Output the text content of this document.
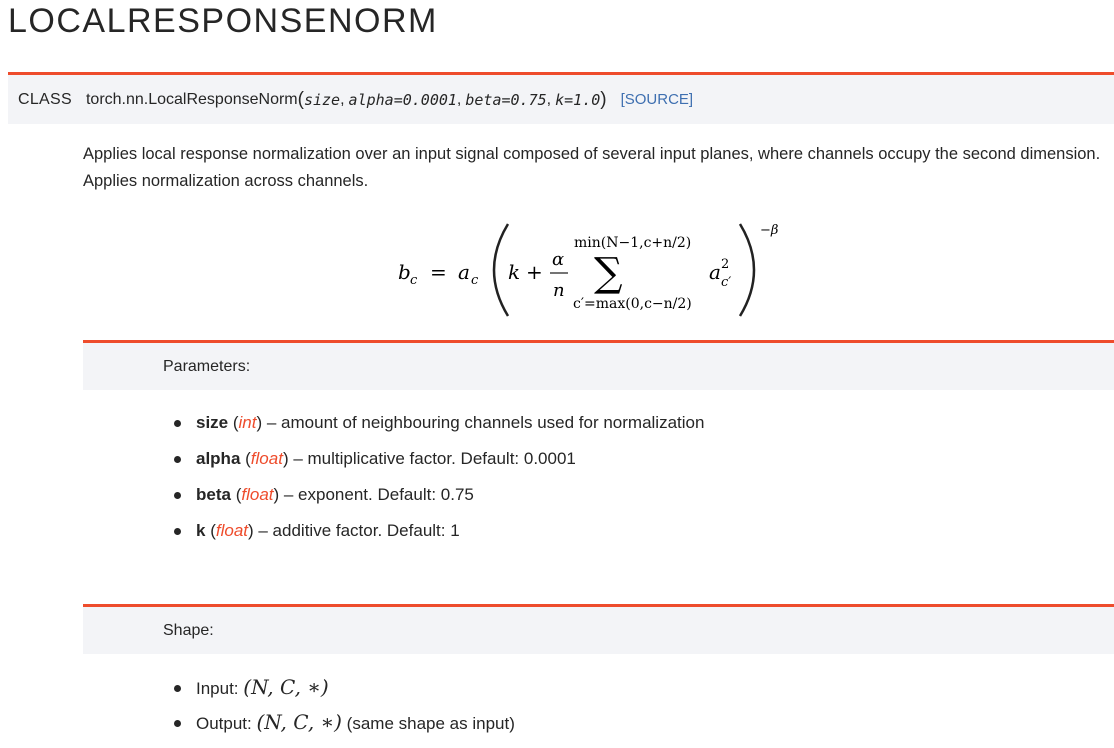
LOCALRESPONSENORM
CLASS torch.nn.LocalResponseNorm ( size , alpha=0.0001 , beta=0.75 , k=1.0 ) [SOURCE]

Applies local response normalization over an input signal composed of several input planes, where channels occupy the second dimension. Applies normalization across channels.

b c = a c k +
α
n
min(N−1,c+n/2)
∑
c′=max(0,c−n/2)
a 2
c′
−β
Parameters:
size (int) – amount of neighbouring channels used for normalization
alpha (float) – multiplicative factor. Default: 0.0001
beta (float) – exponent. Default: 0.75
k (float) – additive factor. Default: 1
Shape:
Input: (N, C, ∗)
Output: (N, C, ∗) (same shape as input)
